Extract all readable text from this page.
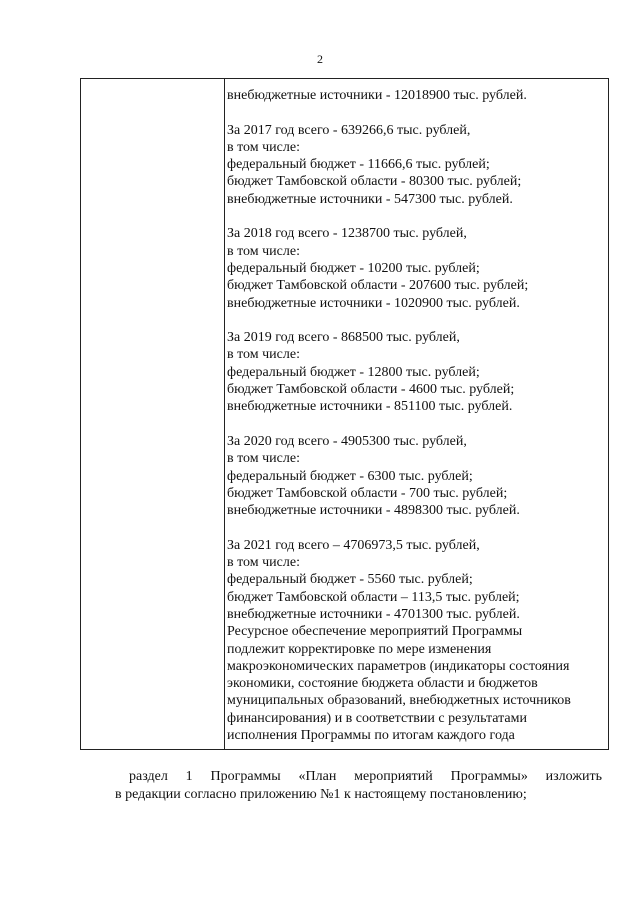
2
внебюджетные источники - 12018900 тыс. рублей.
За 2017 год всего - 639266,6 тыс. рублей,
в том числе:
федеральный бюджет - 11666,6 тыс. рублей;
бюджет Тамбовской области - 80300 тыс. рублей;
внебюджетные источники - 547300 тыс. рублей.
За 2018 год всего - 1238700 тыс. рублей,
в том числе:
федеральный бюджет - 10200 тыс. рублей;
бюджет Тамбовской области - 207600 тыс. рублей;
внебюджетные источники - 1020900 тыс. рублей.
За 2019 год всего - 868500 тыс. рублей,
в том числе:
федеральный бюджет - 12800 тыс. рублей;
бюджет Тамбовской области - 4600 тыс. рублей;
внебюджетные источники - 851100 тыс. рублей.
За 2020 год всего - 4905300 тыс. рублей,
в том числе:
федеральный бюджет - 6300 тыс. рублей;
бюджет Тамбовской области - 700 тыс. рублей;
внебюджетные источники - 4898300 тыс. рублей.
За 2021 год всего – 4706973,5 тыс. рублей,
в том числе:
федеральный бюджет - 5560 тыс. рублей;
бюджет Тамбовской области – 113,5 тыс. рублей;
внебюджетные источники - 4701300 тыс. рублей.
Ресурсное обеспечение мероприятий Программы
подлежит корректировке по мере изменения
макроэкономических параметров (индикаторы состояния
экономики, состояние бюджета области и бюджетов
муниципальных образований, внебюджетных источников
финансирования) и в соответствии с результатами
исполнения Программы по итогам каждого года
раздел 1 Программы «План мероприятий Программы» изложить
в редакции согласно приложению №1 к настоящему постановлению;
